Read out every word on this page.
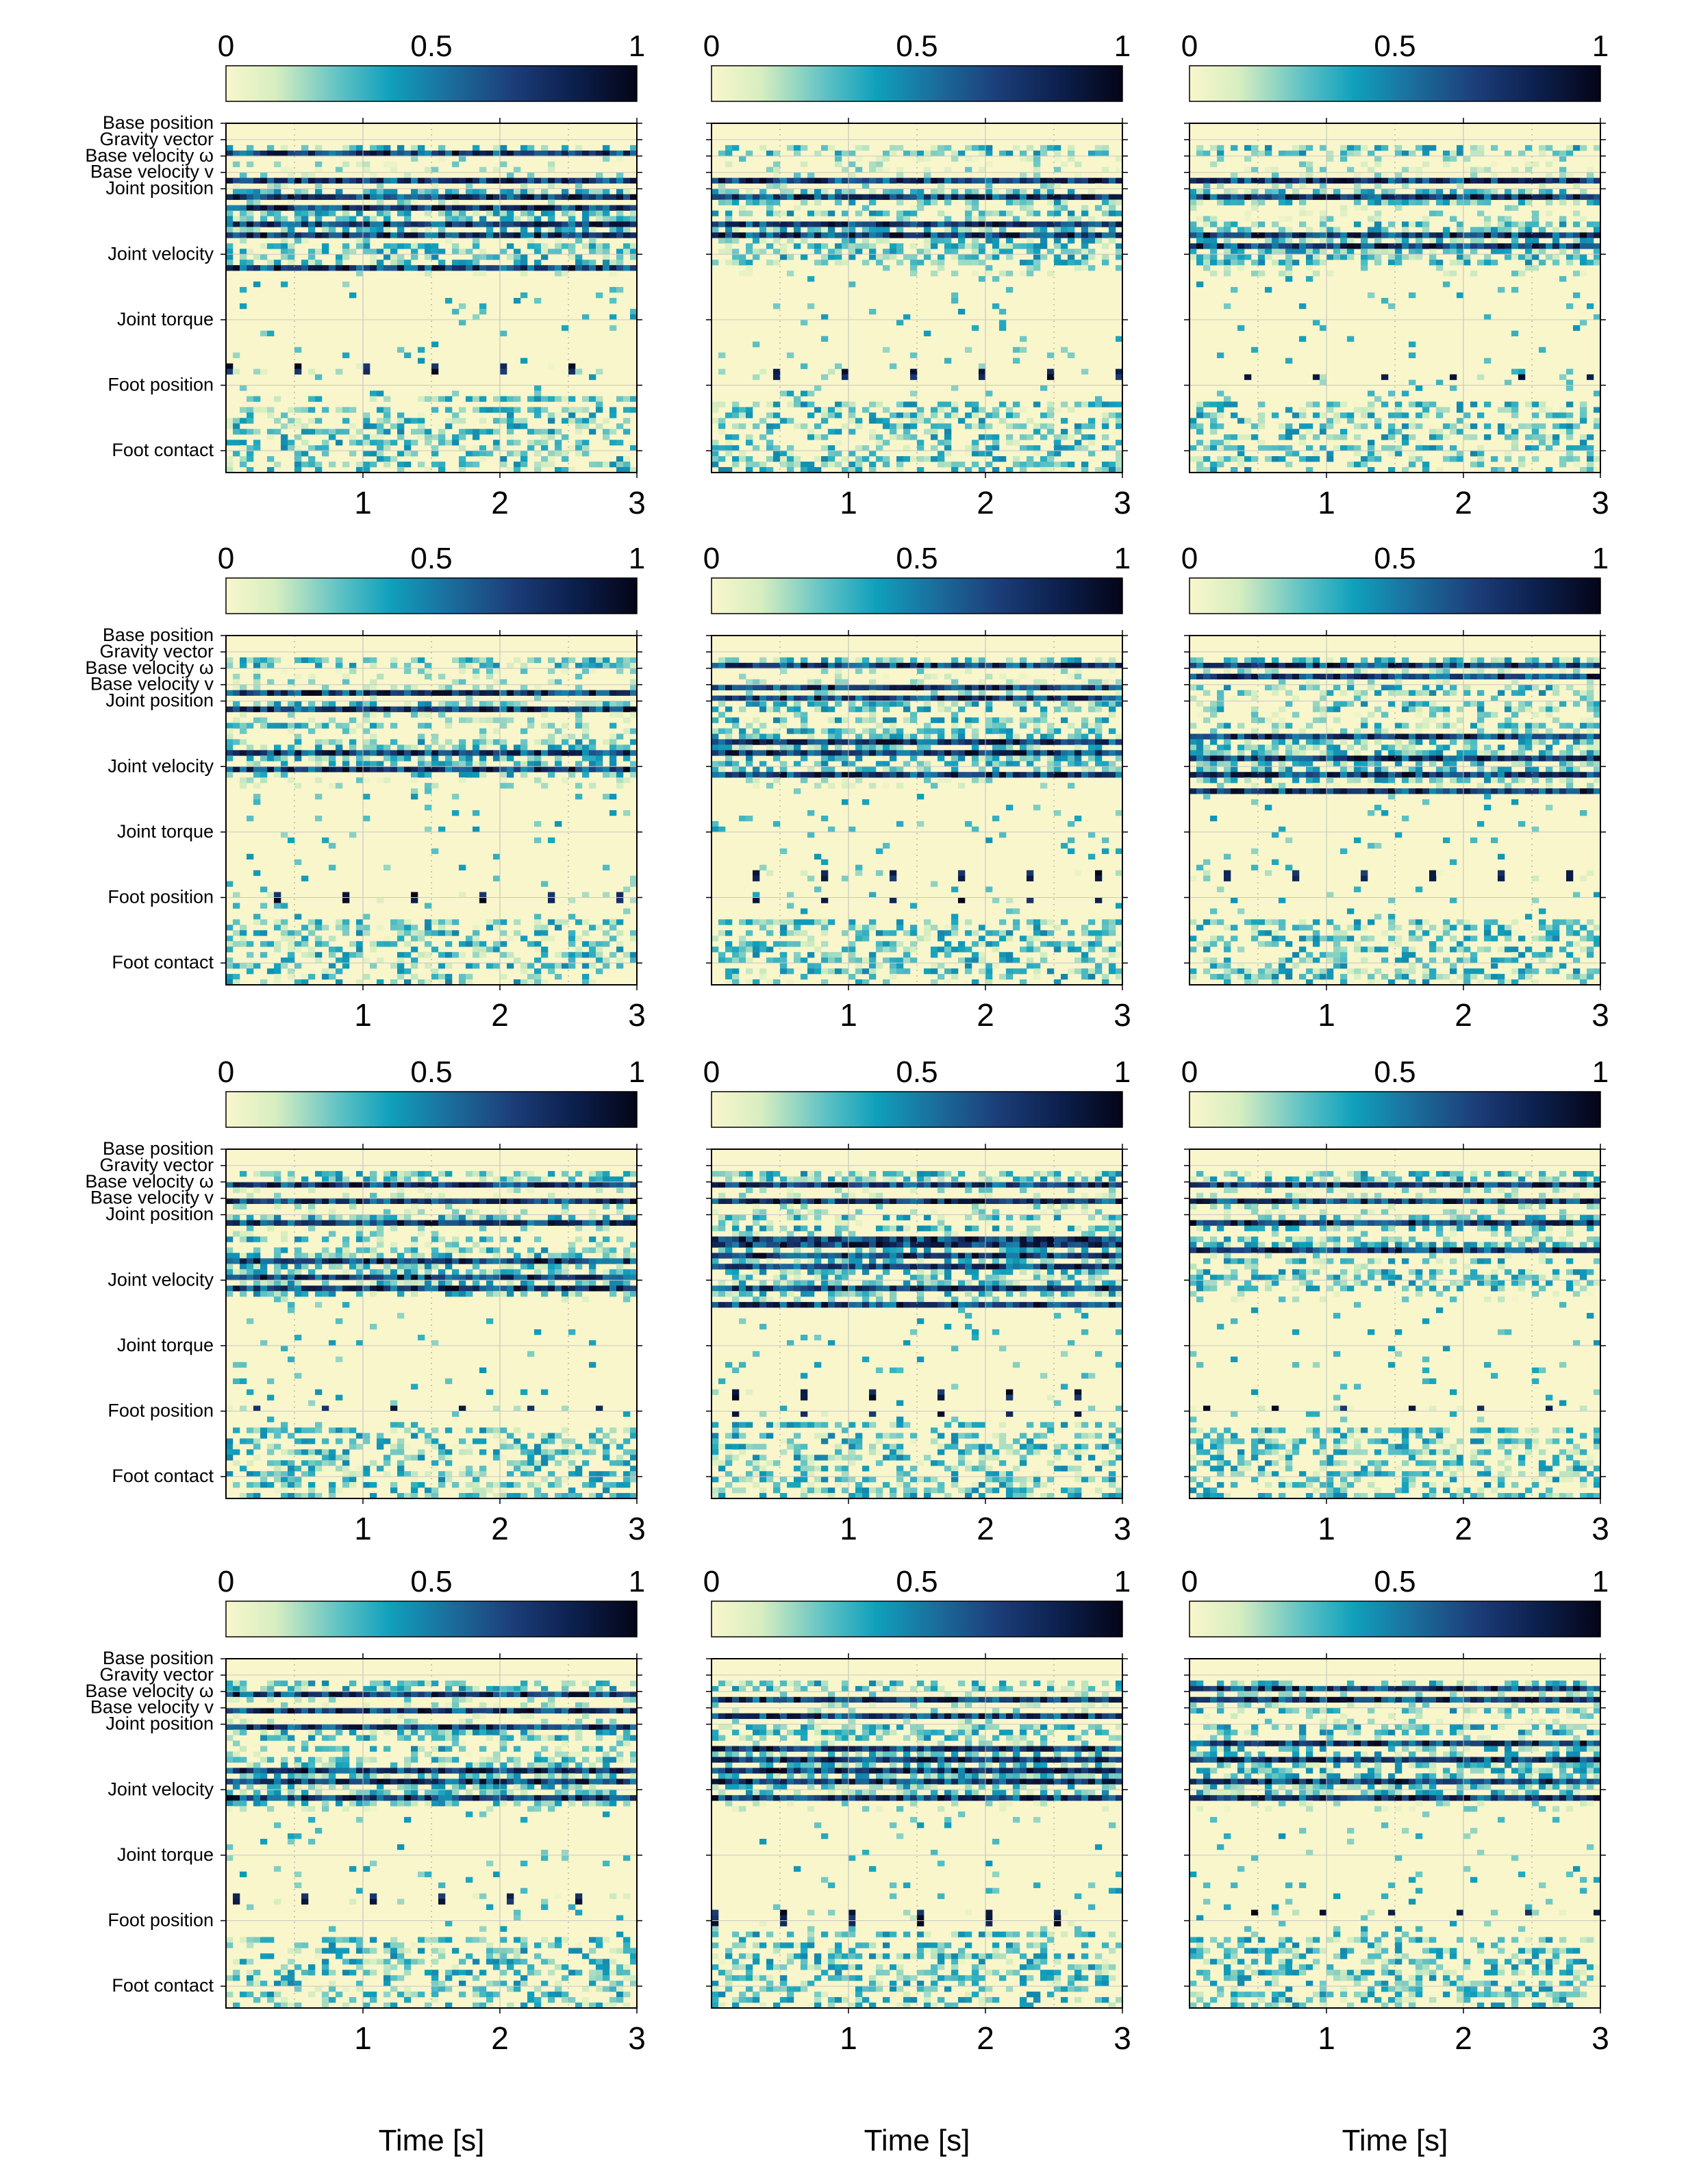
0	0.5	1
Base position
Gravity vector
Base velocity ω
Base velocity v
Joint position
Joint velocity
Joint torque
Foot position
Foot contact
1	2	3
0	0.5	1
1	2	3
0	0.5	1
1	2	3
0	0.5	1
Base position
Gravity vector
Base velocity ω
Base velocity v
Joint position
Joint velocity
Joint torque
Foot position
Foot contact
1	2	3
0	0.5	1
1	2	3
0	0.5	1
1	2	3
0	0.5	1
Base position
Gravity vector
Base velocity ω
Base velocity v
Joint position
Joint velocity
Joint torque
Foot position
Foot contact
1	2	3
0	0.5	1
1	2	3
0	0.5	1
1	2	3
0	0.5	1
Base position
Gravity vector
Base velocity ω
Base velocity v
Joint position
Joint velocity
Joint torque
Foot position
Foot contact
1	2	3
Time [s]
0	0.5	1
1	2	3
Time [s]
0	0.5	1
1	2	3
Time [s]
